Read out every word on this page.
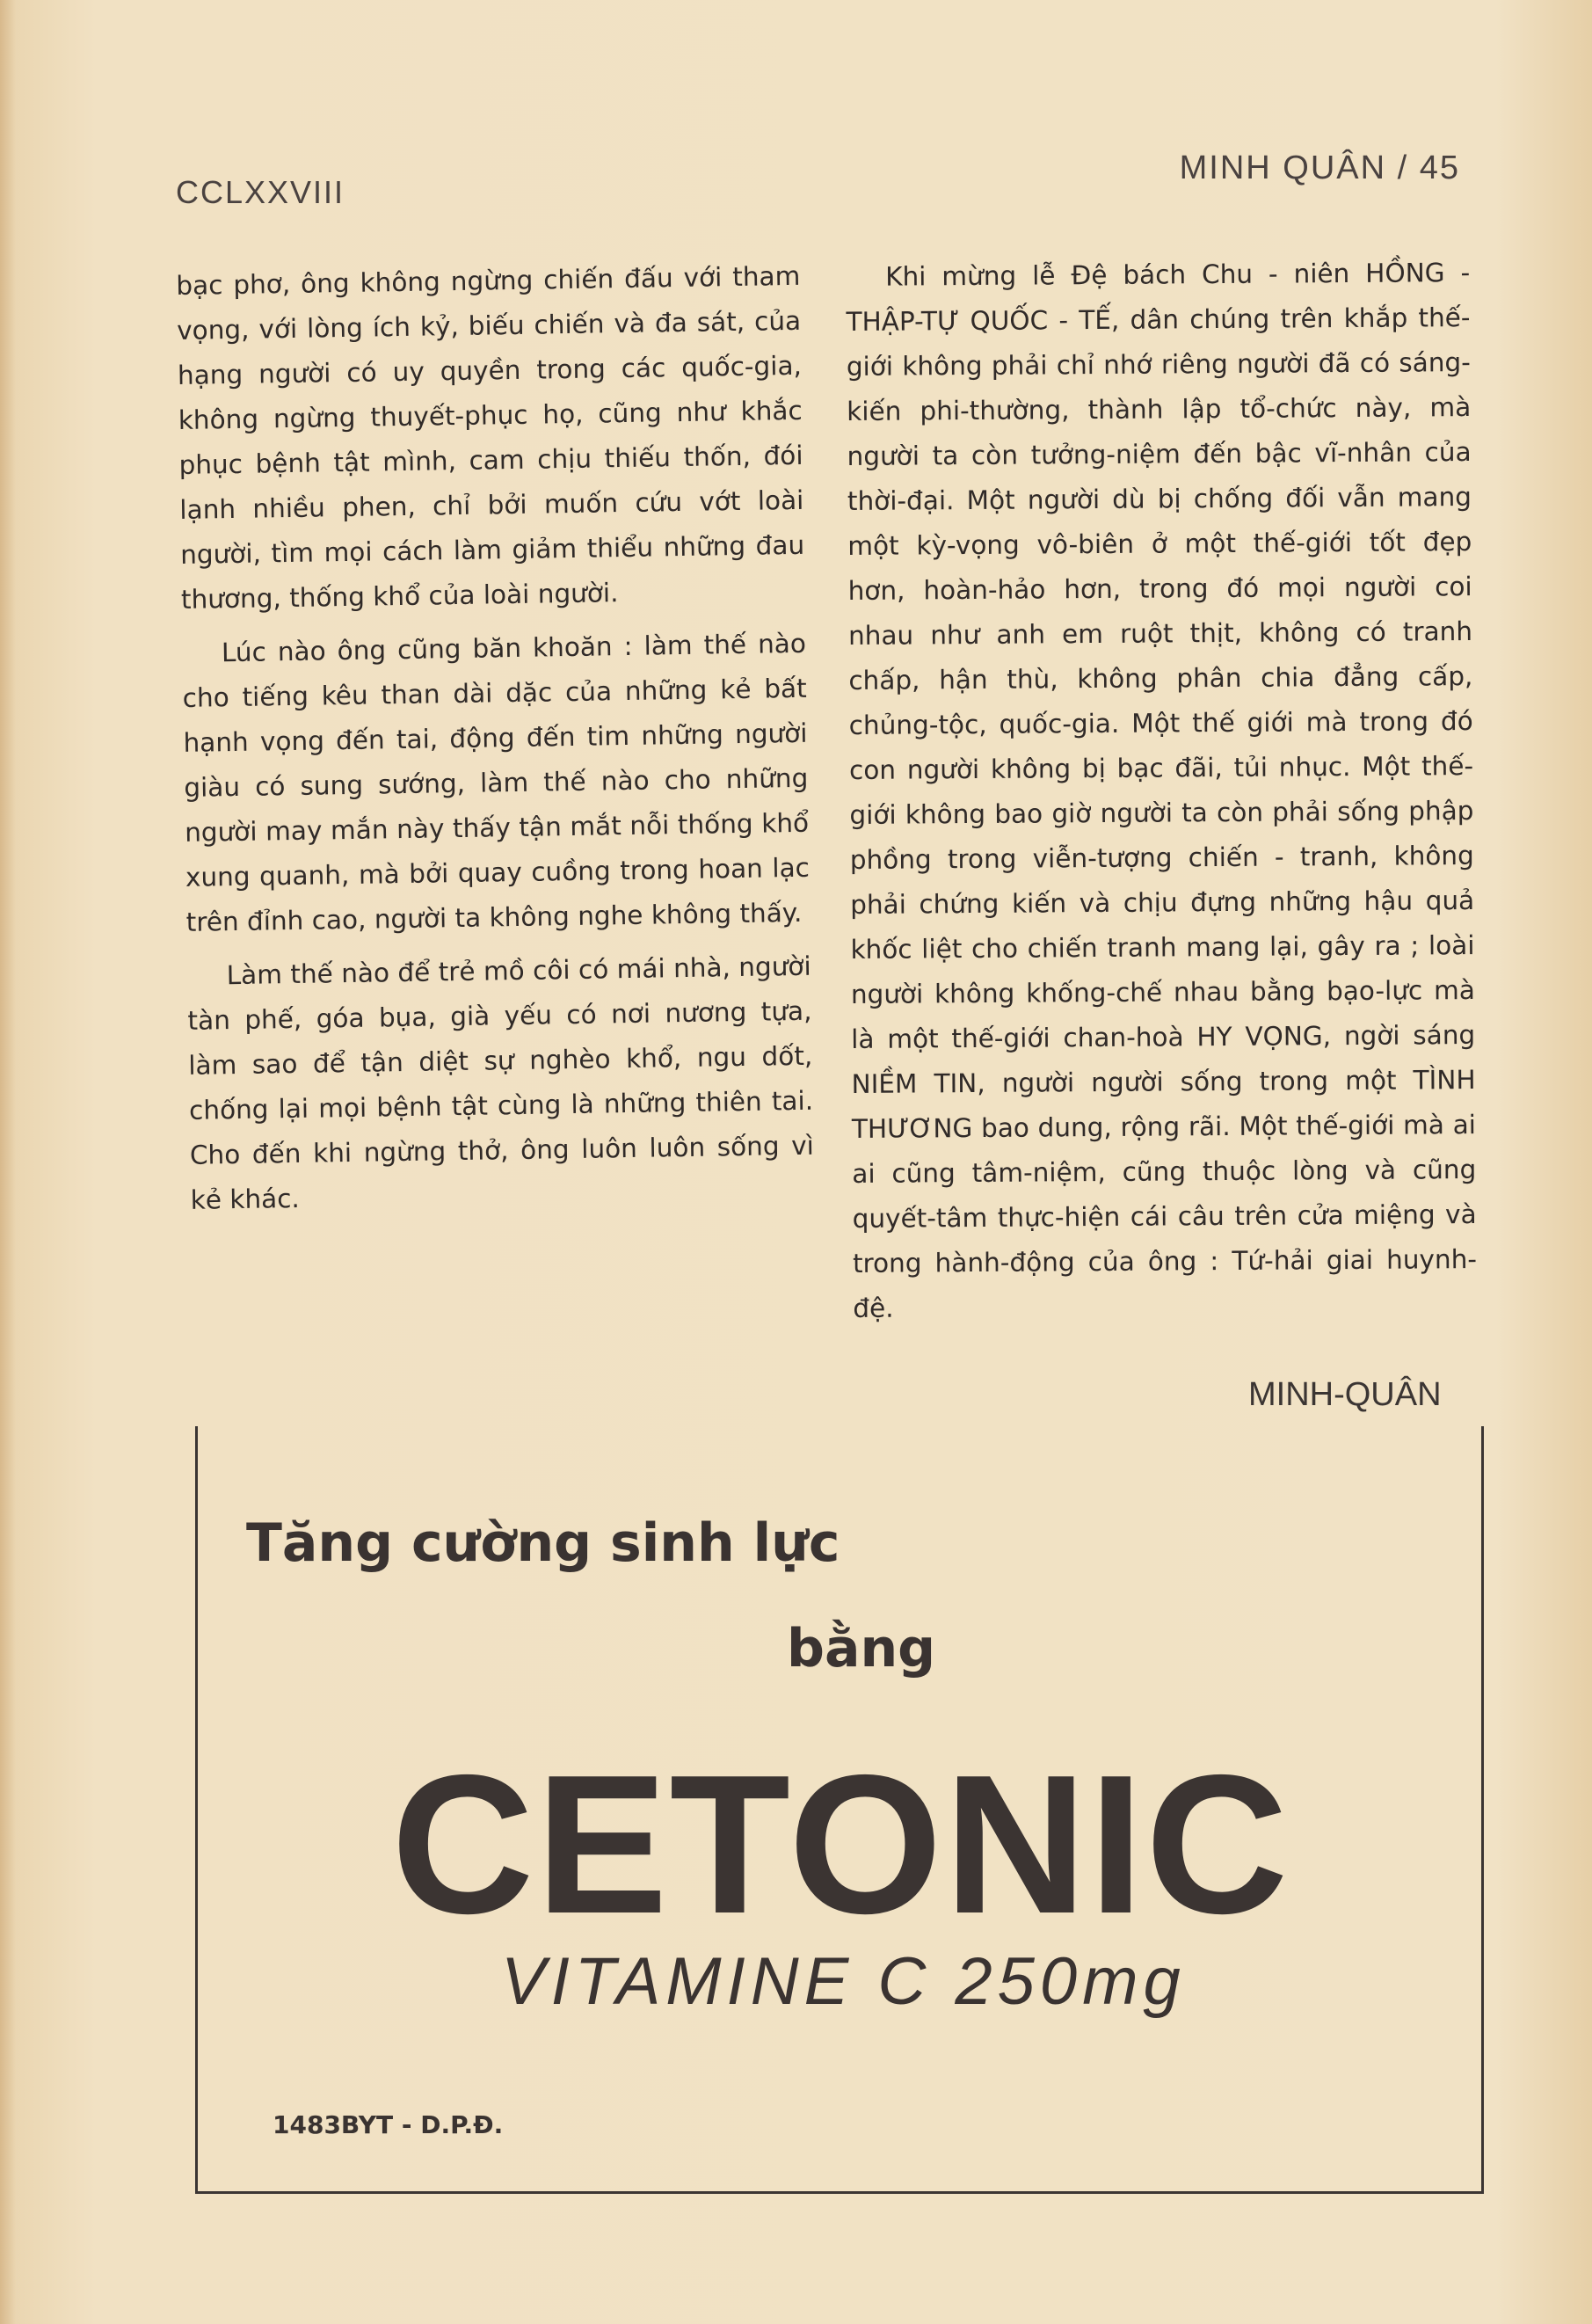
CCLXXVIII
MINH QUÂN / 45

bạc phơ, ông không ngừng chiến đấu với tham vọng, với lòng ích kỷ, biếu chiến và đa sát, của hạng người có uy quyền trong các quốc-gia, không ngừng thuyết-phục họ, cũng như khắc phục bệnh tật mình, cam chịu thiếu thốn, đói lạnh nhiều phen, chỉ bởi muốn cứu vớt loài người, tìm mọi cách làm giảm thiểu những đau thương, thống khổ của loài người.

Lúc nào ông cũng băn khoăn : làm thế nào cho tiếng kêu than dài dặc của những kẻ bất hạnh vọng đến tai, động đến tim những người giàu có sung sướng, làm thế nào cho những người may mắn này thấy tận mắt nỗi thống khổ xung quanh, mà bởi quay cuồng trong hoan lạc trên đỉnh cao, người ta không nghe không thấy.

Làm thế nào để trẻ mồ côi có mái nhà, người tàn phế, góa bụa, già yếu có nơi nương tựa, làm sao để tận diệt sự nghèo khổ, ngu dốt, chống lại mọi bệnh tật cùng là những thiên tai. Cho đến khi ngừng thở, ông luôn luôn sống vì kẻ khác.

Khi mừng lễ Đệ bách Chu - niên HỒNG - THẬP-TỰ QUỐC - TẾ, dân chúng trên khắp thế-giới không phải chỉ nhớ riêng người đã có sáng-kiến phi-thường, thành lập tổ-chức này, mà người ta còn tưởng-niệm đến bậc vĩ-nhân của thời-đại. Một người dù bị chống đối vẫn mang một kỳ-vọng vô-biên ở một thế-giới tốt đẹp hơn, hoàn-hảo hơn, trong đó mọi người coi nhau như anh em ruột thịt, không có tranh chấp, hận thù, không phân chia đẳng cấp, chủng-tộc, quốc-gia. Một thế giới mà trong đó con người không bị bạc đãi, tủi nhục. Một thế-giới không bao giờ người ta còn phải sống phập phồng trong viễn-tượng chiến - tranh, không phải chứng kiến và chịu đựng những hậu quả khốc liệt cho chiến tranh mang lại, gây ra ; loài người không khống-chế nhau bằng bạo-lực mà là một thế-giới chan-hoà HY VỌNG, ngời sáng NIỀM TIN, người người sống trong một TÌNH THƯƠNG bao dung, rộng rãi. Một thế-giới mà ai ai cũng tâm-niệm, cũng thuộc lòng và cũng quyết-tâm thực-hiện cái câu trên cửa miệng và trong hành-động của ông : Tứ-hải giai huynh-đệ.

MINH-QUÂN
Tăng cường sinh lực
bằng
CETONIC
VITAMINE C 250mg
1483BYT - D.P.Đ.
